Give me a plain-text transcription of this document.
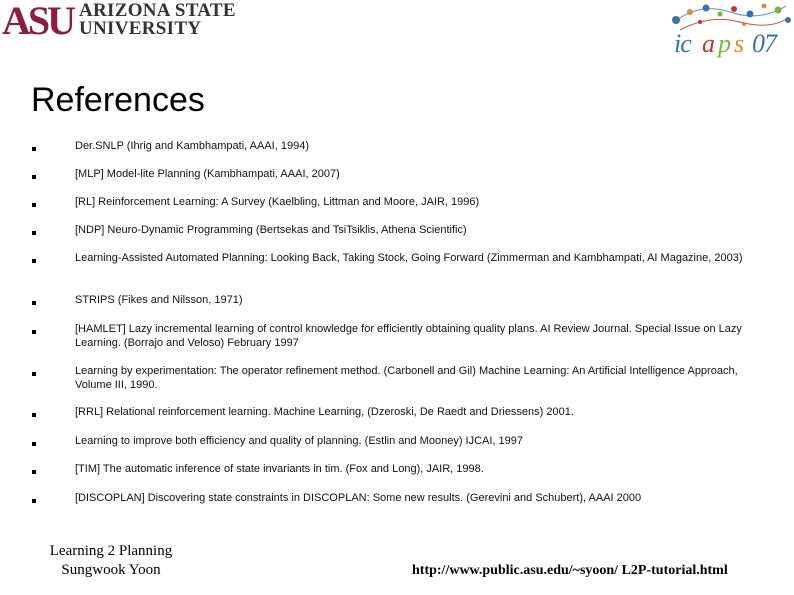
ASU ARIZONA STATE
UNIVERSITY
ic a p s 07
References
Der.SNLP (Ihrig and Kambhampati, AAAI, 1994)
[MLP] Model-lite Planning (Kambhampati, AAAI, 2007)
[RL] Reinforcement Learning: A Survey (Kaelbling, Littman and Moore, JAIR, 1996)
[NDP] Neuro-Dynamic Programming (Bertsekas and TsiTsiklis, Athena Scientific)
Learning-Assisted Automated Planning: Looking Back, Taking Stock, Going Forward (Zimmerman and Kambhampati, AI Magazine, 2003)
STRIPS (Fikes and Nilsson, 1971)
[HAMLET] Lazy incremental learning of control knowledge for efficiently obtaining quality plans. AI Review Journal. Special Issue on Lazy Learning. (Borrajo and Veloso) February 1997
Learning by experimentation: The operator refinement method. (Carbonell and Gil) Machine Learning: An Artificial Intelligence Approach, Volume III, 1990.
[RRL] Relational reinforcement learning. Machine Learning, (Dzeroski, De Raedt and Driessens) 2001.
Learning to improve both efficiency and quality of planning. (Estlin and Mooney) IJCAI, 1997
[TIM] The automatic inference of state invariants in tim. (Fox and Long), JAIR, 1998.
[DISCOPLAN] Discovering state constraints in DISCOPLAN: Some new results. (Gerevini and Schubert), AAAI 2000
Learning 2 Planning
Sungwook Yoon	http://www.public.asu.edu/~syoon/ L2P-tutorial.html
